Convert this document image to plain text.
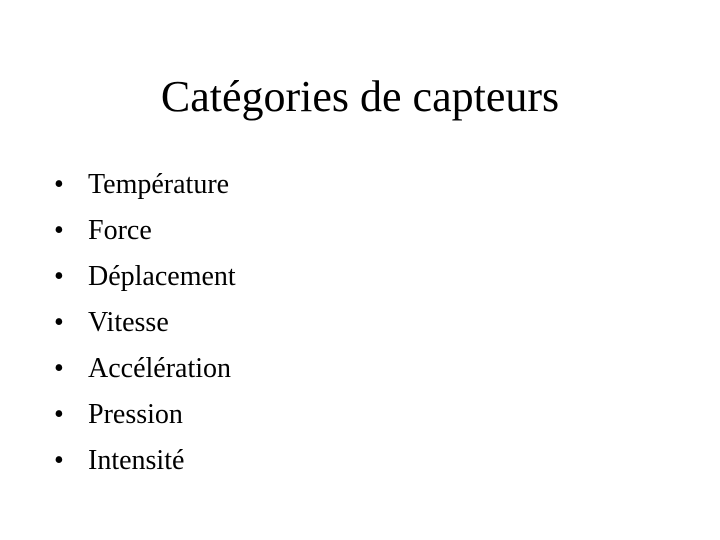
Catégories de capteurs
• Température
• Force
• Déplacement
• Vitesse
• Accélération
• Pression
• Intensité
